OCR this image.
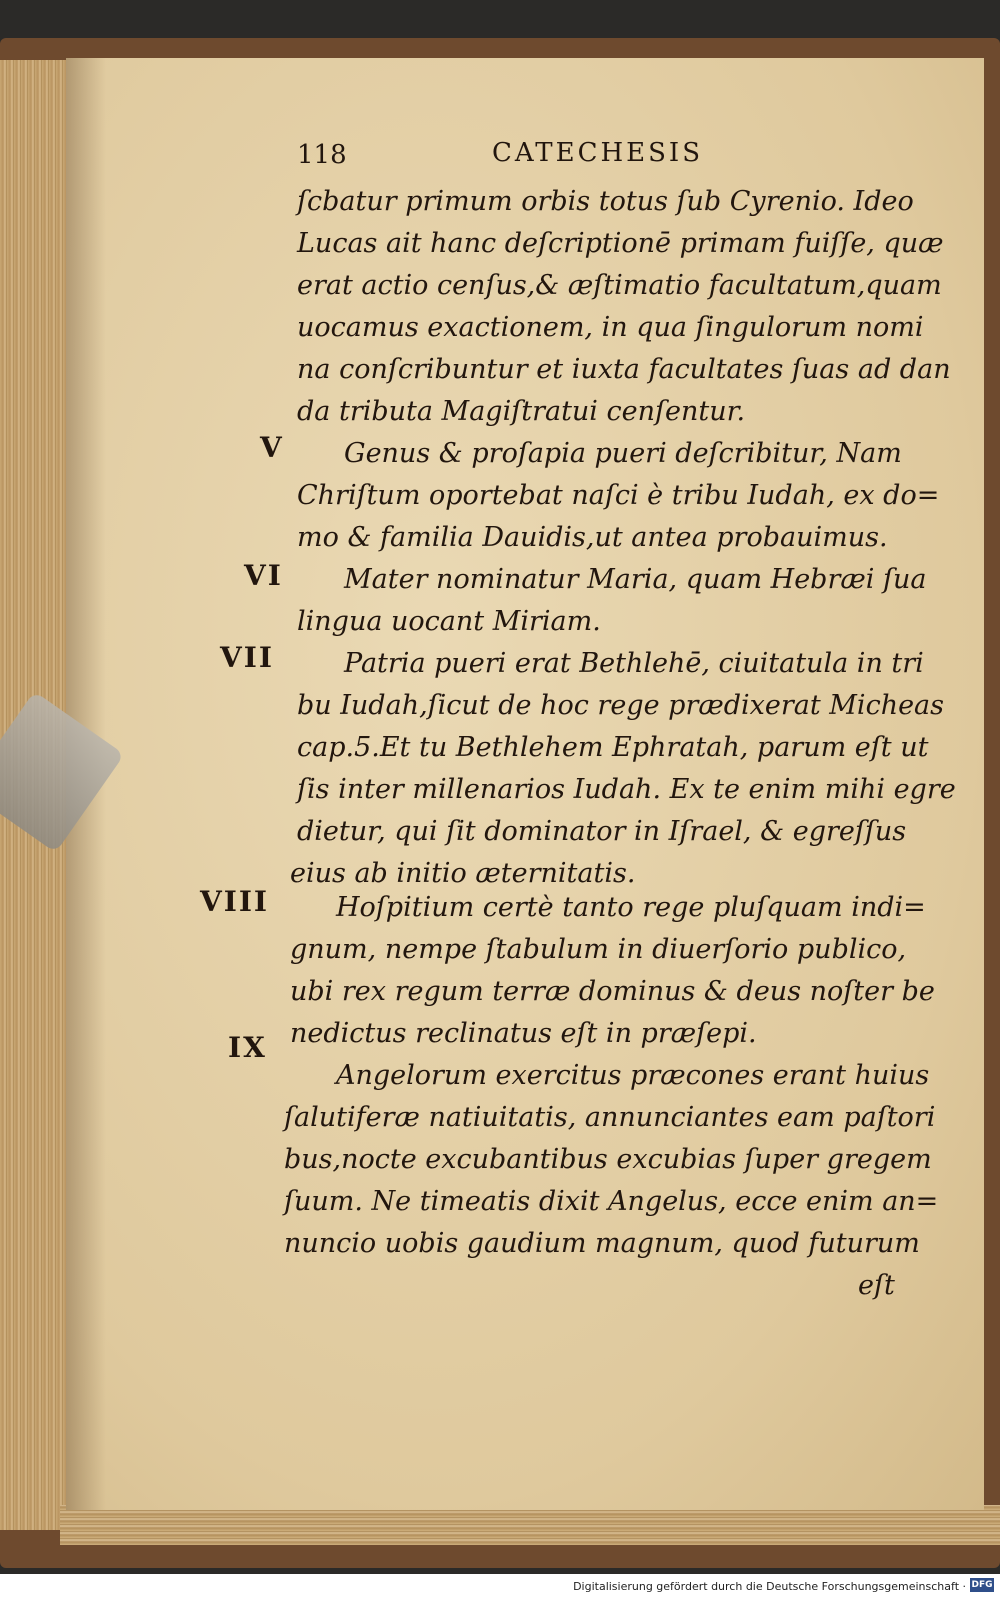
118	CATECHESIS
ſcbatur primum orbis totus ſub Cyrenio. Ideo
Lucas ait hanc deſcriptionē primam fuiſſe, quæ
erat actio cenſus,& æſtimatio facultatum,quam
uocamus exactionem, in qua ſingulorum nomi
na conſcribuntur et iuxta facultates ſuas ad dan
da tributa Magiſtratui cenſentur.
V Genus & proſapia pueri deſcribitur, Nam
Chriſtum oportebat naſci è tribu Iudah, ex do=
mo & familia Dauidis,ut antea probauimus.
VI Mater nominatur Maria, quam Hebræi ſua
lingua uocant Miriam.
VII	Patria pueri erat Bethlehē, ciuitatula in tri
bu Iudah,ſicut de hoc rege prædixerat Micheas
cap.5.Et tu Bethlehem Ephratah, parum eſt ut
ſis inter millenarios Iudah. Ex te enim mihi egre
dietur, qui ſit dominator in Iſrael, & egreſſus
eius ab initio æternitatis.
VIII Hoſpitium certè tanto rege pluſquam indi=
gnum, nempe ſtabulum in diuerſorio publico,
ubi rex regum terræ dominus & deus noſter be
nedictus reclinatus eſt in præſepi.
IX
Angelorum exercitus præcones erant huius
ſalutiferæ natiuitatis, annunciantes eam paſtori
bus,nocte excubantibus excubias ſuper gregem
ſuum. Ne timeatis dixit Angelus, ecce enim an=
nuncio uobis gaudium magnum, quod futurum
eſt
Digitalisierung gefördert durch die Deutsche Forschungsgemeinschaft · DFG
